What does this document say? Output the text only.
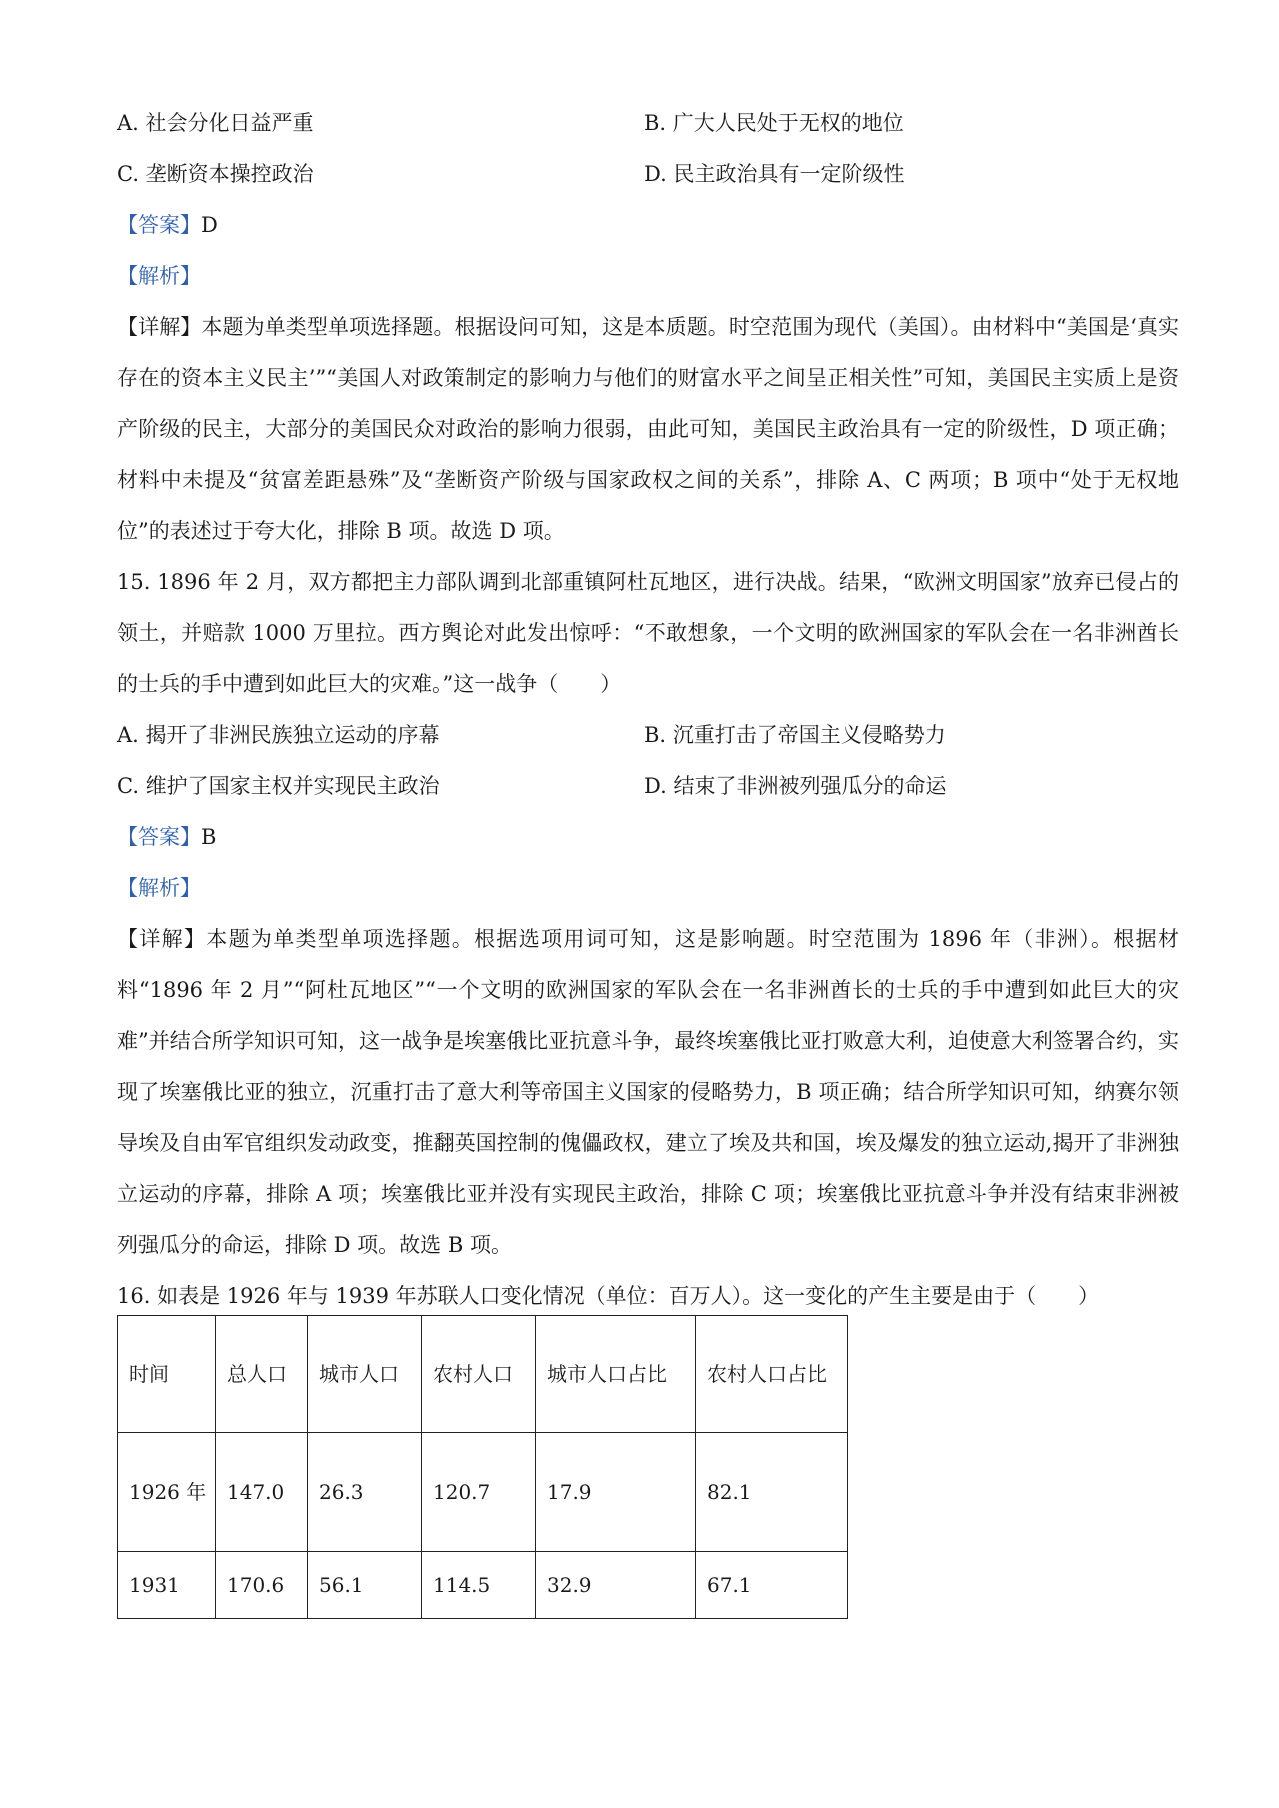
A. 社会分化日益严重	B. 广大人民处于无权的地位
C. 垄断资本操控政治	D. 民主政治具有一定阶级性
【答案】D
【解析】
【详解】本题为单类型单项选择题。根据设问可知，这是本质题。时空范围为现代（美国）。由材料中“美国是‘真实存在的资本主义民主’”“美国人对政策制定的影响力与他们的财富水平之间呈正相关性”可知，美国民主实质上是资产阶级的民主，大部分的美国民众对政治的影响力很弱，由此可知，美国民主政治具有一定的阶级性，D 项正确；材料中未提及“贫富差距悬殊”及“垄断资产阶级与国家政权之间的关系”，排除 A、C 两项；B 项中“处于无权地位”的表述过于夸大化，排除 B 项。故选 D 项。
15. 1896 年 2 月，双方都把主力部队调到北部重镇阿杜瓦地区，进行决战。结果，“欧洲文明国家”放弃已侵占的领土，并赔款 1000 万里拉。西方舆论对此发出惊呼：“不敢想象，一个文明的欧洲国家的军队会在一名非洲酋长的士兵的手中遭到如此巨大的灾难。”这一战争（　　）
A. 揭开了非洲民族独立运动的序幕	B. 沉重打击了帝国主义侵略势力
C. 维护了国家主权并实现民主政治	D. 结束了非洲被列强瓜分的命运
【答案】B
【解析】
【详解】本题为单类型单项选择题。根据选项用词可知，这是影响题。时空范围为 1896 年（非洲）。根据材料“1896 年 2 月”“阿杜瓦地区”“一个文明的欧洲国家的军队会在一名非洲酋长的士兵的手中遭到如此巨大的灾难”并结合所学知识可知，这一战争是埃塞俄比亚抗意斗争，最终埃塞俄比亚打败意大利，迫使意大利签署合约，实现了埃塞俄比亚的独立，沉重打击了意大利等帝国主义国家的侵略势力，B 项正确；结合所学知识可知，纳赛尔领导埃及自由军官组织发动政变，推翻英国控制的傀儡政权，建立了埃及共和国，埃及爆发的独立运动,揭开了非洲独立运动的序幕，排除 A 项；埃塞俄比亚并没有实现民主政治，排除 C 项；埃塞俄比亚抗意斗争并没有结束非洲被列强瓜分的命运，排除 D 项。故选 B 项。
16. 如表是 1926 年与 1939 年苏联人口变化情况（单位：百万人）。这一变化的产生主要是由于（　　）
时间	总人口	城市人口	农村人口	城市人口占比	农村人口占比
1926 年	147.0	26.3	120.7	17.9	82.1
1931	170.6	56.1	114.5	32.9	67.1
